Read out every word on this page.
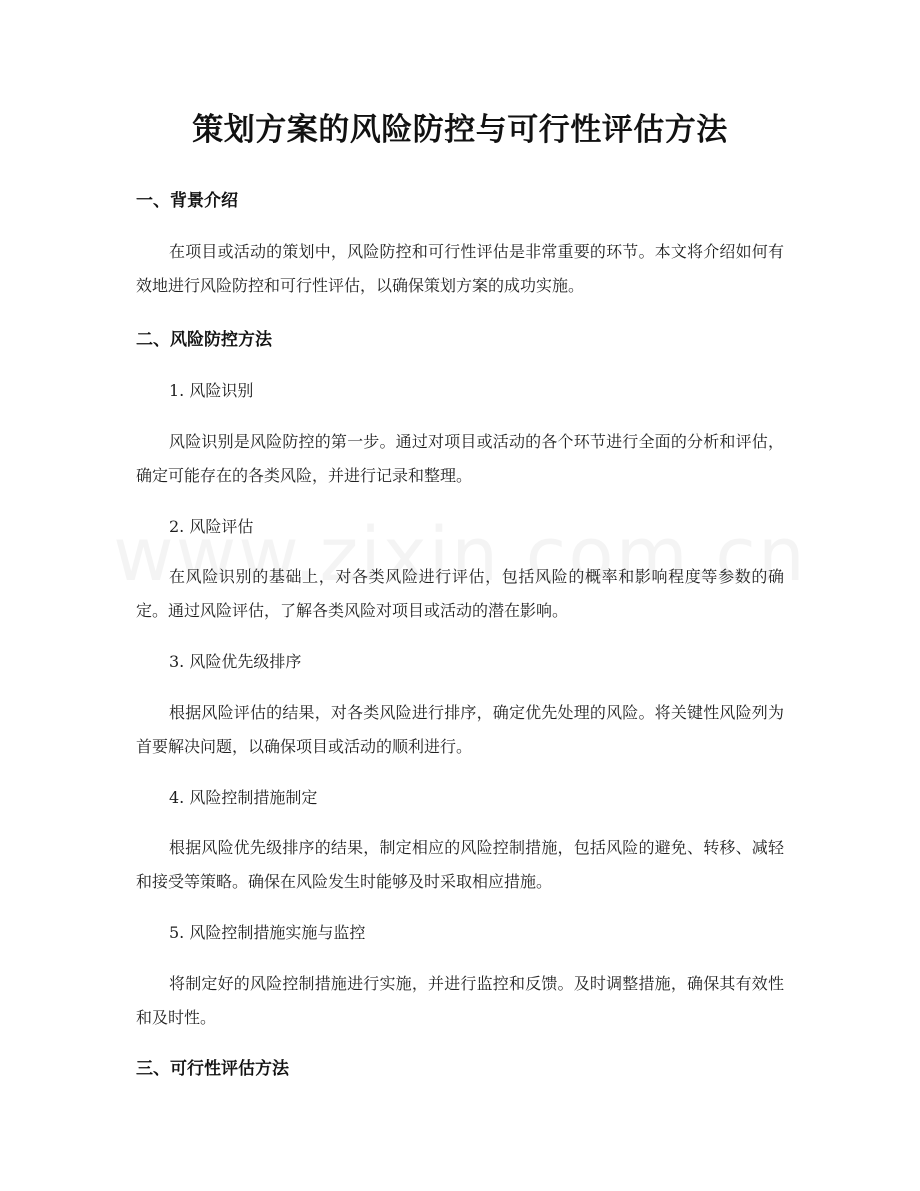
策划方案的风险防控与可行性评估方法
一、背景介绍
在项目或活动的策划中，风险防控和可行性评估是非常重要的环节。本文将介绍如何有效地进行风险防控和可行性评估，以确保策划方案的成功实施。
二、风险防控方法
1. 风险识别
风险识别是风险防控的第一步。通过对项目或活动的各个环节进行全面的分析和评估，确定可能存在的各类风险，并进行记录和整理。
2. 风险评估
在风险识别的基础上，对各类风险进行评估，包括风险的概率和影响程度等参数的确定。通过风险评估，了解各类风险对项目或活动的潜在影响。
3. 风险优先级排序
根据风险评估的结果，对各类风险进行排序，确定优先处理的风险。将关键性风险列为首要解决问题，以确保项目或活动的顺利进行。
4. 风险控制措施制定
根据风险优先级排序的结果，制定相应的风险控制措施，包括风险的避免、转移、减轻和接受等策略。确保在风险发生时能够及时采取相应措施。
5. 风险控制措施实施与监控
将制定好的风险控制措施进行实施，并进行监控和反馈。及时调整措施，确保其有效性和及时性。
三、可行性评估方法
